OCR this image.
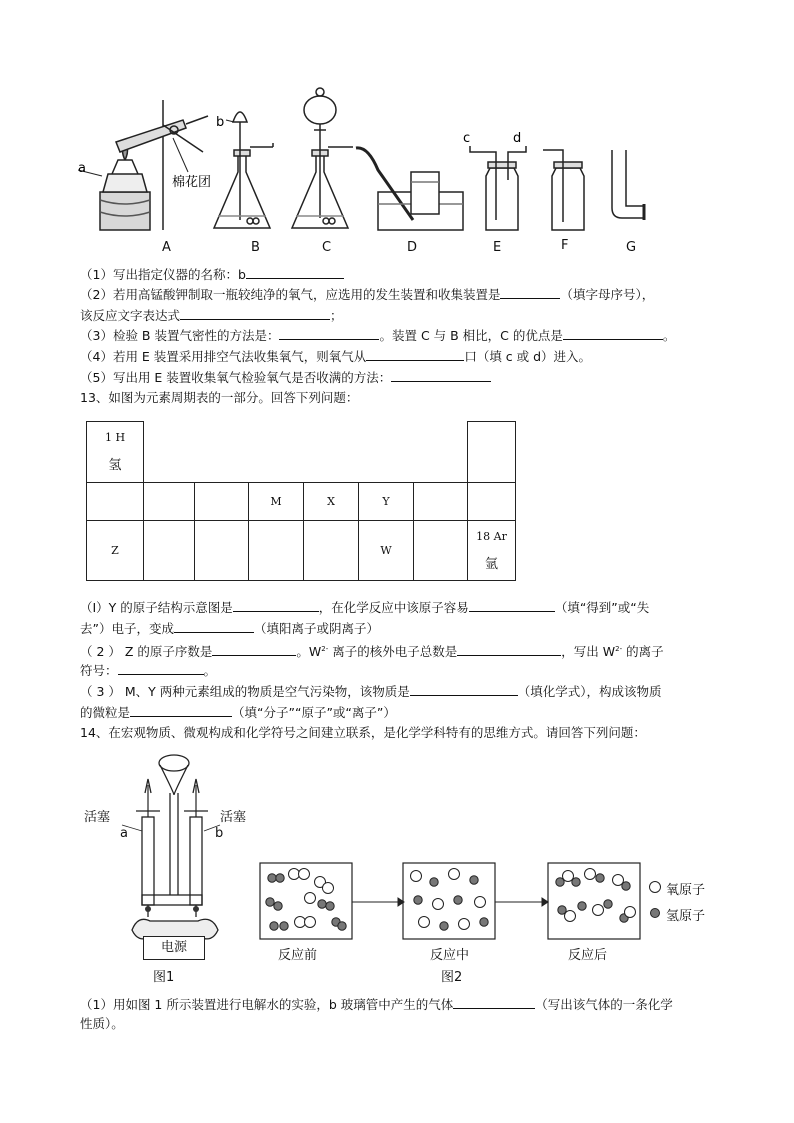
a
b
c	d
棉花团
A	B	C	D	E	F	G
（1）写出指定仪器的名称：b
（2）若用高锰酸钾制取一瓶较纯净的氧气，应选用的发生装置和收集装置是	（填字母序号），
该反应文字表达式	；
（3）检验 B 装置气密性的方法是：	。装置 C 与 B 相比，C 的优点是	。
（4）若用 E 装置采用排空气法收集氧气，则氧气从	口（填 c 或 d）进入。
（5）写出用 E 装置收集氧气检验氧气是否收满的方法：
13、如图为元素周期表的一部分。回答下列问题：
1 H
氢							

			M	X	Y		
Z					W		18 Ar
氩
（Ⅰ）Y 的原子结构示意图是	，在化学反应中该原子容易	（填“得到”或“失
去”）电子，变成	（填阳离子或阴离子）
（ 2 ） Z 的原子序数是	。$W^{2-}$ 离子的核外电子总数是	，写出 $W^{2-}$ 的离子
符号：	。
（ 3 ） M、Y 两种元素组成的物质是空气污染物，该物质是	（填化学式），构成该物质
的微粒是	（填“分子”“原子”或“离子”）
14、在宏观物质、微观构成和化学符号之间建立联系，是化学学科特有的思维方式。请回答下列问题：
活塞	活塞
a	b
电源
图1
氧原子
氢原子
反应前	反应中	反应后
图2
（1）用如图 1 所示装置进行电解水的实验，b 玻璃管中产生的气体	（写出该气体的一条化学
性质）。
